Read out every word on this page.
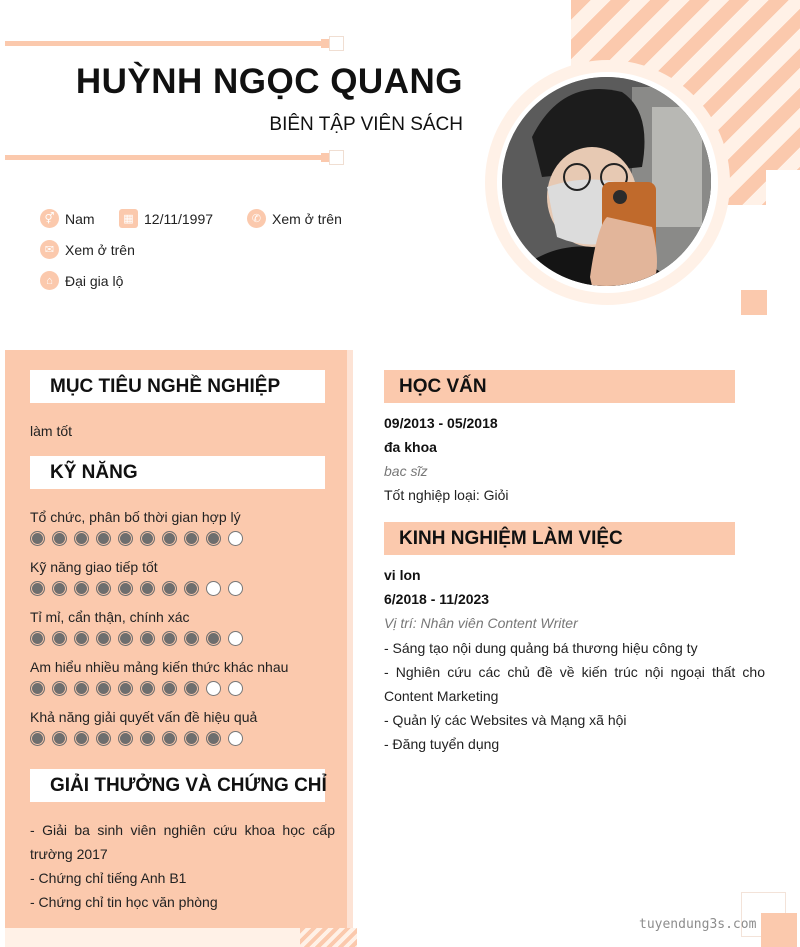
HUỲNH NGỌC QUANG
BIÊN TẬP VIÊN SÁCH
⚥ Nam	▦ 12/11/1997	✆ Xem ở trên
✉ Xem ở trên
⌂ Đại gia lộ
MỤC TIÊU NGHỀ NGHIỆP
làm tốt
KỸ NĂNG
Tổ chức, phân bố thời gian hợp lý
Kỹ năng giao tiếp tốt
Tỉ mỉ, cẩn thận, chính xác
Am hiểu nhiều mảng kiến thức khác nhau
Khả năng giải quyết vấn đề hiệu quả
GIẢI THƯỞNG VÀ CHỨNG CHỈ
- Giải ba sinh viên nghiên cứu khoa học cấp trường 2017
- Chứng chỉ tiếng Anh B1
- Chứng chỉ tin học văn phòng
HỌC VẤN
09/2013 - 05/2018
đa khoa
bac sĩz
Tốt nghiệp loại: Giỏi
KINH NGHIỆM LÀM VIỆC
vi lon
6/2018 - 11/2023
Vị trí: Nhân viên Content Writer
- Sáng tạo nội dung quảng bá thương hiệu công ty
- Nghiên cứu các chủ đề về kiến trúc nội ngoại thất cho Content Marketing
- Quản lý các Websites và Mạng xã hội
- Đăng tuyển dụng
tuyendung3s.com
